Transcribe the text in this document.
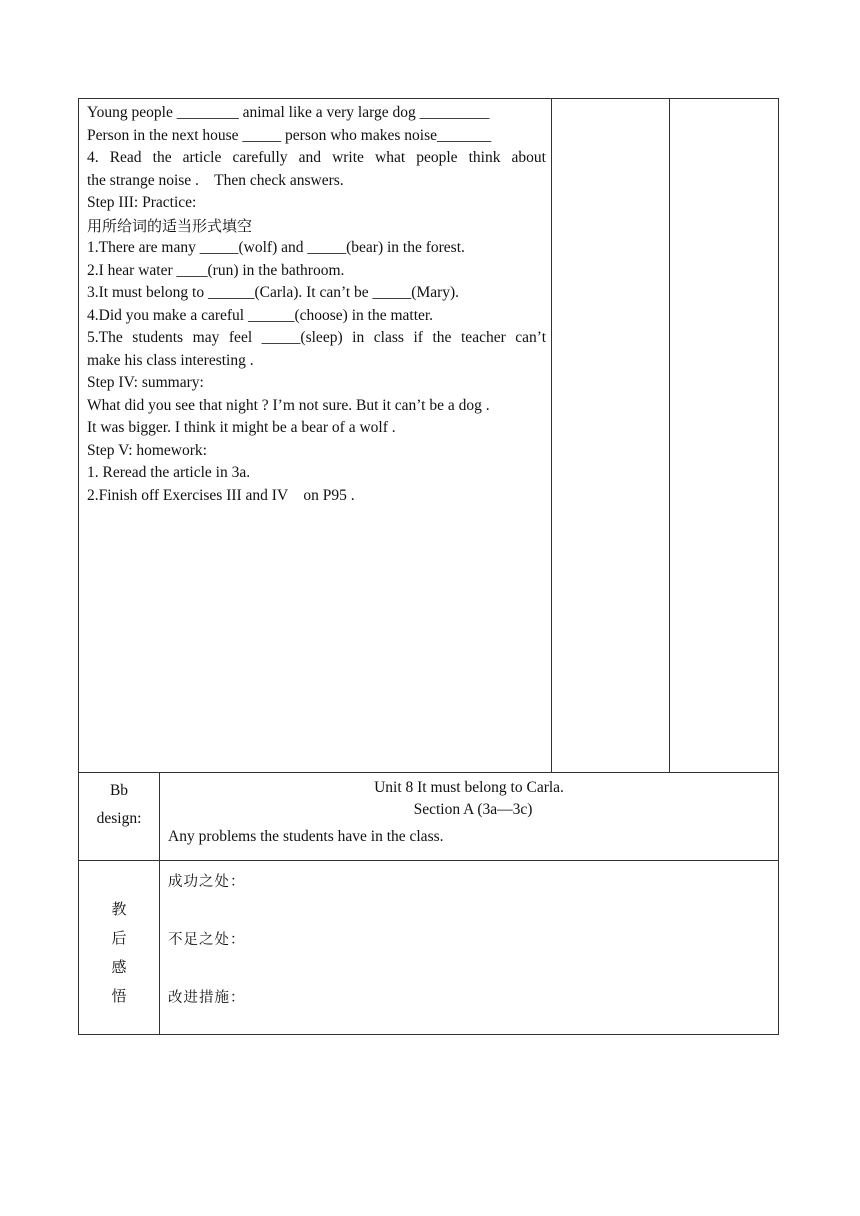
Young people ________ animal like a very large dog _________

Person in the next house _____ person who makes noise_______

4. Read the article carefully and write what people think about

the strange noise .    Then check answers.

Step III: Practice:

用所给词的适当形式填空

1.There are many _____(wolf) and _____(bear) in the forest.

2.I hear water ____(run) in the bathroom.

3.It must belong to ______(Carla). It can’t be _____(Mary).

4.Did you make a careful ______(choose) in the matter.

5.The students may feel _____(sleep) in class if the teacher can’t

make his class interesting .

Step IV: summary:

What did you see that night ? I’m not sure. But it can’t be a dog .

It was bigger. I think it might be a bear of a wolf .

Step V: homework:

1. Reread the article in 3a.

2.Finish off Exercises III and IV    on P95 .

Bb
design:
Unit 8 It must belong to Carla.
Section A (3a—3c)
Any problems the students have in the class.
教
后
感
悟
成功之处：
不足之处：
改进措施：
